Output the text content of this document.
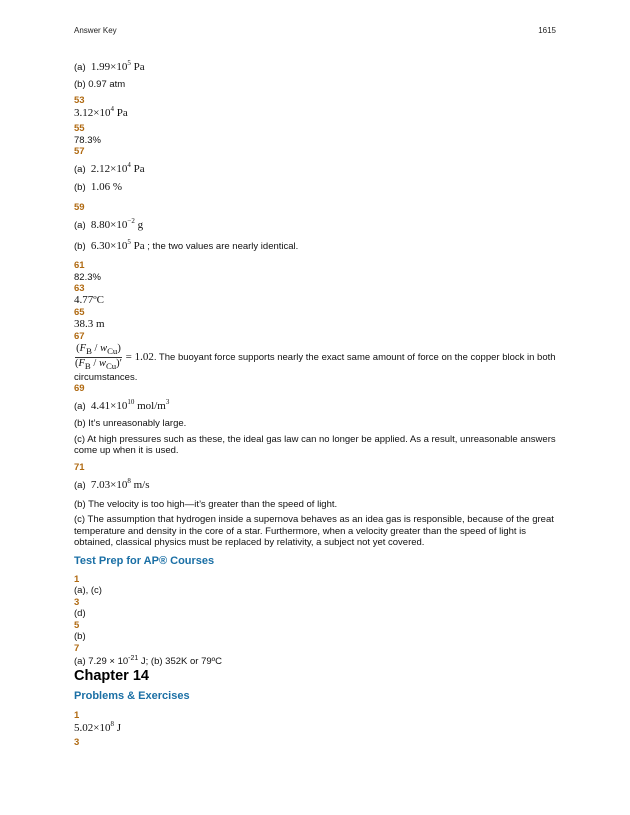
Answer Key	1615
(a) $1.99\times 10^5$ Pa
(b) 0.97 atm
53
$3.12\times 10^4$ Pa
55
78.3%
57
(a) $2.12\times 10^4$ Pa
(b) 1.06 %
59
(a) $8.80\times 10^{-2}$ g
(b) $6.30\times 10^5$ Pa ; the two values are nearly identical.
61
82.3%
63
4.77ºC
65
38.3 m
67
$\frac{(F_B / w_{Cu})}{(F_B / w_{Cu})'} = 1.02$. The buoyant force supports nearly the exact same amount of force on the copper block in both circumstances.
69
(a) $4.41\times 10^{10}$ mol/$m^3$
(b) It’s unreasonably large.
(c) At high pressures such as these, the ideal gas law can no longer be applied. As a result, unreasonable answers come up when it is used.
71
(a) $7.03\times 10^8$ m/s
(b) The velocity is too high—it’s greater than the speed of light.
(c) The assumption that hydrogen inside a supernova behaves as an idea gas is responsible, because of the great temperature and density in the core of a star. Furthermore, when a velocity greater than the speed of light is obtained, classical physics must be replaced by relativity, a subject not yet covered.
Test Prep for AP® Courses
1
(a), (c)
3
(d)
5
(b)
7
(a) $7.29 \times 10^{-21}$ J; (b) 352K or 79ºC
Chapter 14
Problems & Exercises
1
$5.02\times 10^8$ J
3
